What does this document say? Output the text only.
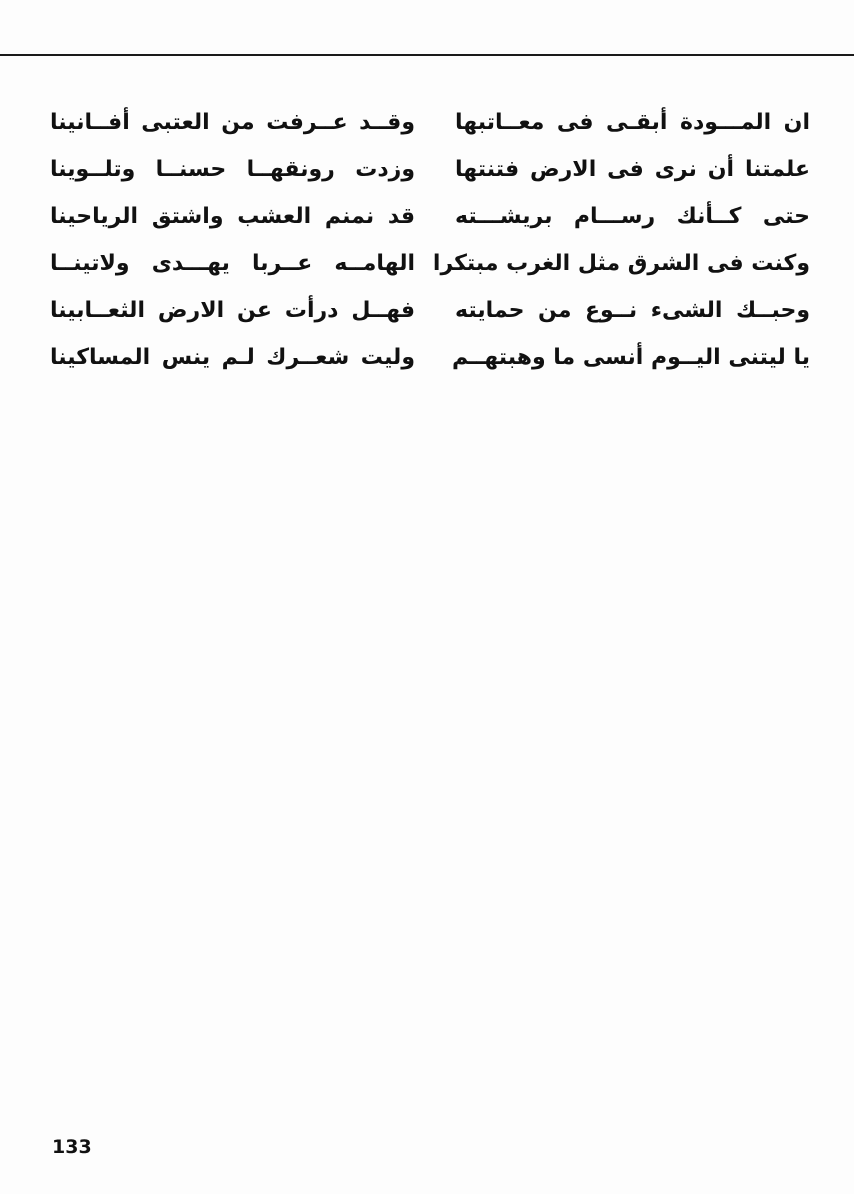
ان المـــودة أبقـى فى معــاتبها
وقــد عــرفت من العتبى أفــانينا
علمتنا أن نرى فى الارض فتنتها
وزدت رونقهــا حسنــا وتلــوينا
حتى كــأنك رســـام بريشـــته
قد نمنم العشب واشتق الرياحينا
وكنت فى الشرق مثل الغرب مبتكرا
الهامــه عــربا يهـــدى ولاتينــا
وحبــك الشىء نــوع من حمايته
فهــل درأت عن الارض الثعــابينا
يا ليتنى اليــوم أنسى ما وهبتهــم
وليت شعــرك لـم ينس المساكينا
133
